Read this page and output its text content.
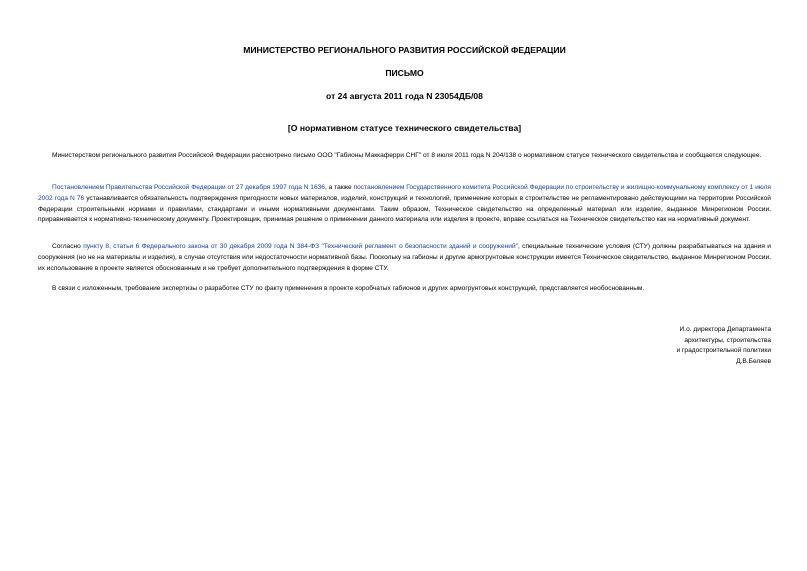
МИНИСТЕРСТВО РЕГИОНАЛЬНОГО РАЗВИТИЯ РОССИЙСКОЙ ФЕДЕРАЦИИ
ПИСЬМО
от 24 августа 2011 года N 23054ДБ/08
[О нормативном статусе технического свидетельства]

Министерством регионального развития Российской Федерации рассмотрено письмо ООО "Габионы Маккаферри СНГ" от 8 июля 2011 года N 204/138 о нормативном статусе технического свидетельства и сообщается следующее.

Постановлением Правительства Российской Федерации от 27 декабря 1997 года N 1636, а также постановлением Государственного комитета Российской Федерации по строительству и жилищно-коммунальному комплексу от 1 июля 2002 года N 76 устанавливается обязательность подтверждения пригодности новых материалов, изделий, конструкций и технологий, применение которых в строительстве не регламентировано действующими на территории Российской Федерации строительными нормами и правилами, стандартами и иными нормативными документами. Таким образом, Техническое свидетельство на определенный материал или изделие, выданное Минрегионом России, приравнивается к нормативно-техническому документу. Проектировщик, принимая решение о применении данного материала или изделия в проекте, вправе ссылаться на Техническое свидетельство как на нормативный документ.

Согласно пункту 8, статьи 6 Федерального закона от 30 декабря 2009 года N 384-ФЗ "Технический регламент о безопасности зданий и сооружений", специальные технические условия (СТУ) должны разрабатываться на здания и сооружения (но не на материалы и изделия), в случае отсутствия или недостаточности нормативной базы. Поскольку на габионы и другие армогрунтовые конструкции имеется Техническое свидетельство, выданное Минрегионом России, их использование в проекте является обоснованным и не требует дополнительного подтверждения в форме СТУ.

В связи с изложенным, требование экспертизы о разработке СТУ по факту применения в проекте коробчатых габионов и других армогрунтовых конструкций, представляется необоснованным.

И.о. директора Департамента
архитектуры, строительства
и градостроительной политики
Д.В.Беляев
